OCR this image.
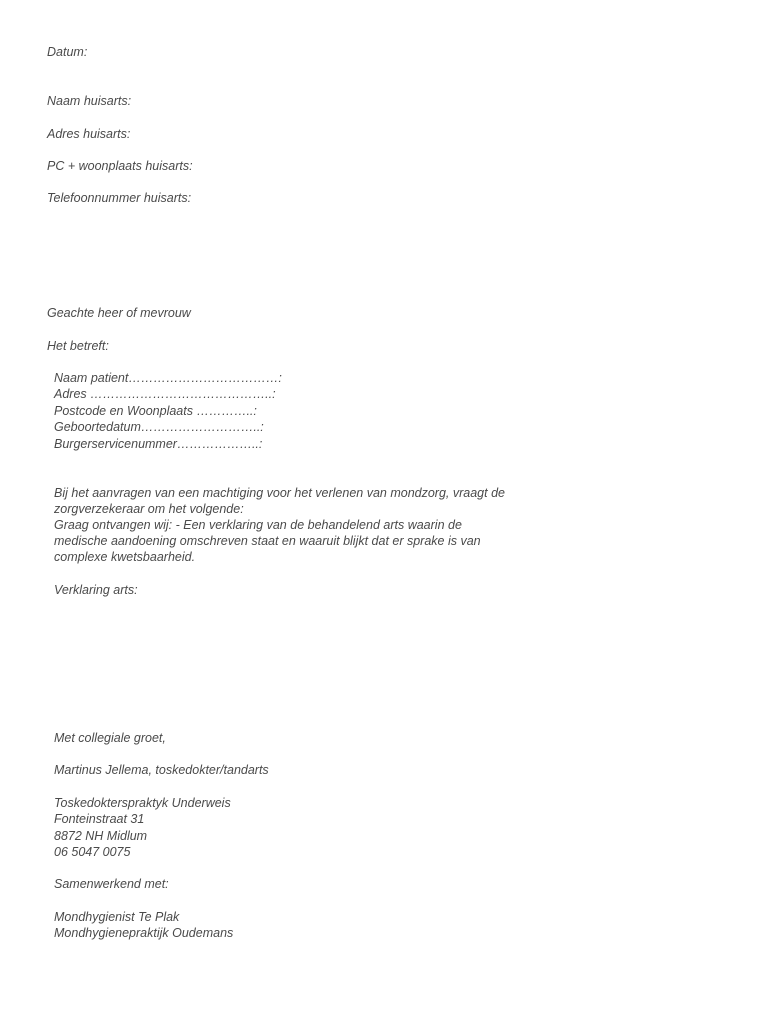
Datum:

Naam huisarts:

Adres huisarts:

PC + woonplaats huisarts:

Telefoonnummer huisarts:

Geachte heer of mevrouw

Het betreft:

Naam patient………………………………:

Adres ……………………………………..:

Postcode en Woonplaats …………..:

Geboortedatum………………………..:

Burgerservicenummer………………..:

Bij het aanvragen van een machtiging voor het verlenen van mondzorg, vraagt de

zorgverzekeraar om het volgende:

Graag ontvangen wij: - Een verklaring van de behandelend arts waarin de

medische aandoening omschreven staat en waaruit blijkt dat er sprake is van

complexe kwetsbaarheid.

Verklaring arts:

Met collegiale groet,

Martinus Jellema, toskedokter/tandarts

Toskedokterspraktyk Underweis

Fonteinstraat 31

8872 NH Midlum

06 5047 0075

Samenwerkend met:

Mondhygienist Te Plak

Mondhygienepraktijk Oudemans
